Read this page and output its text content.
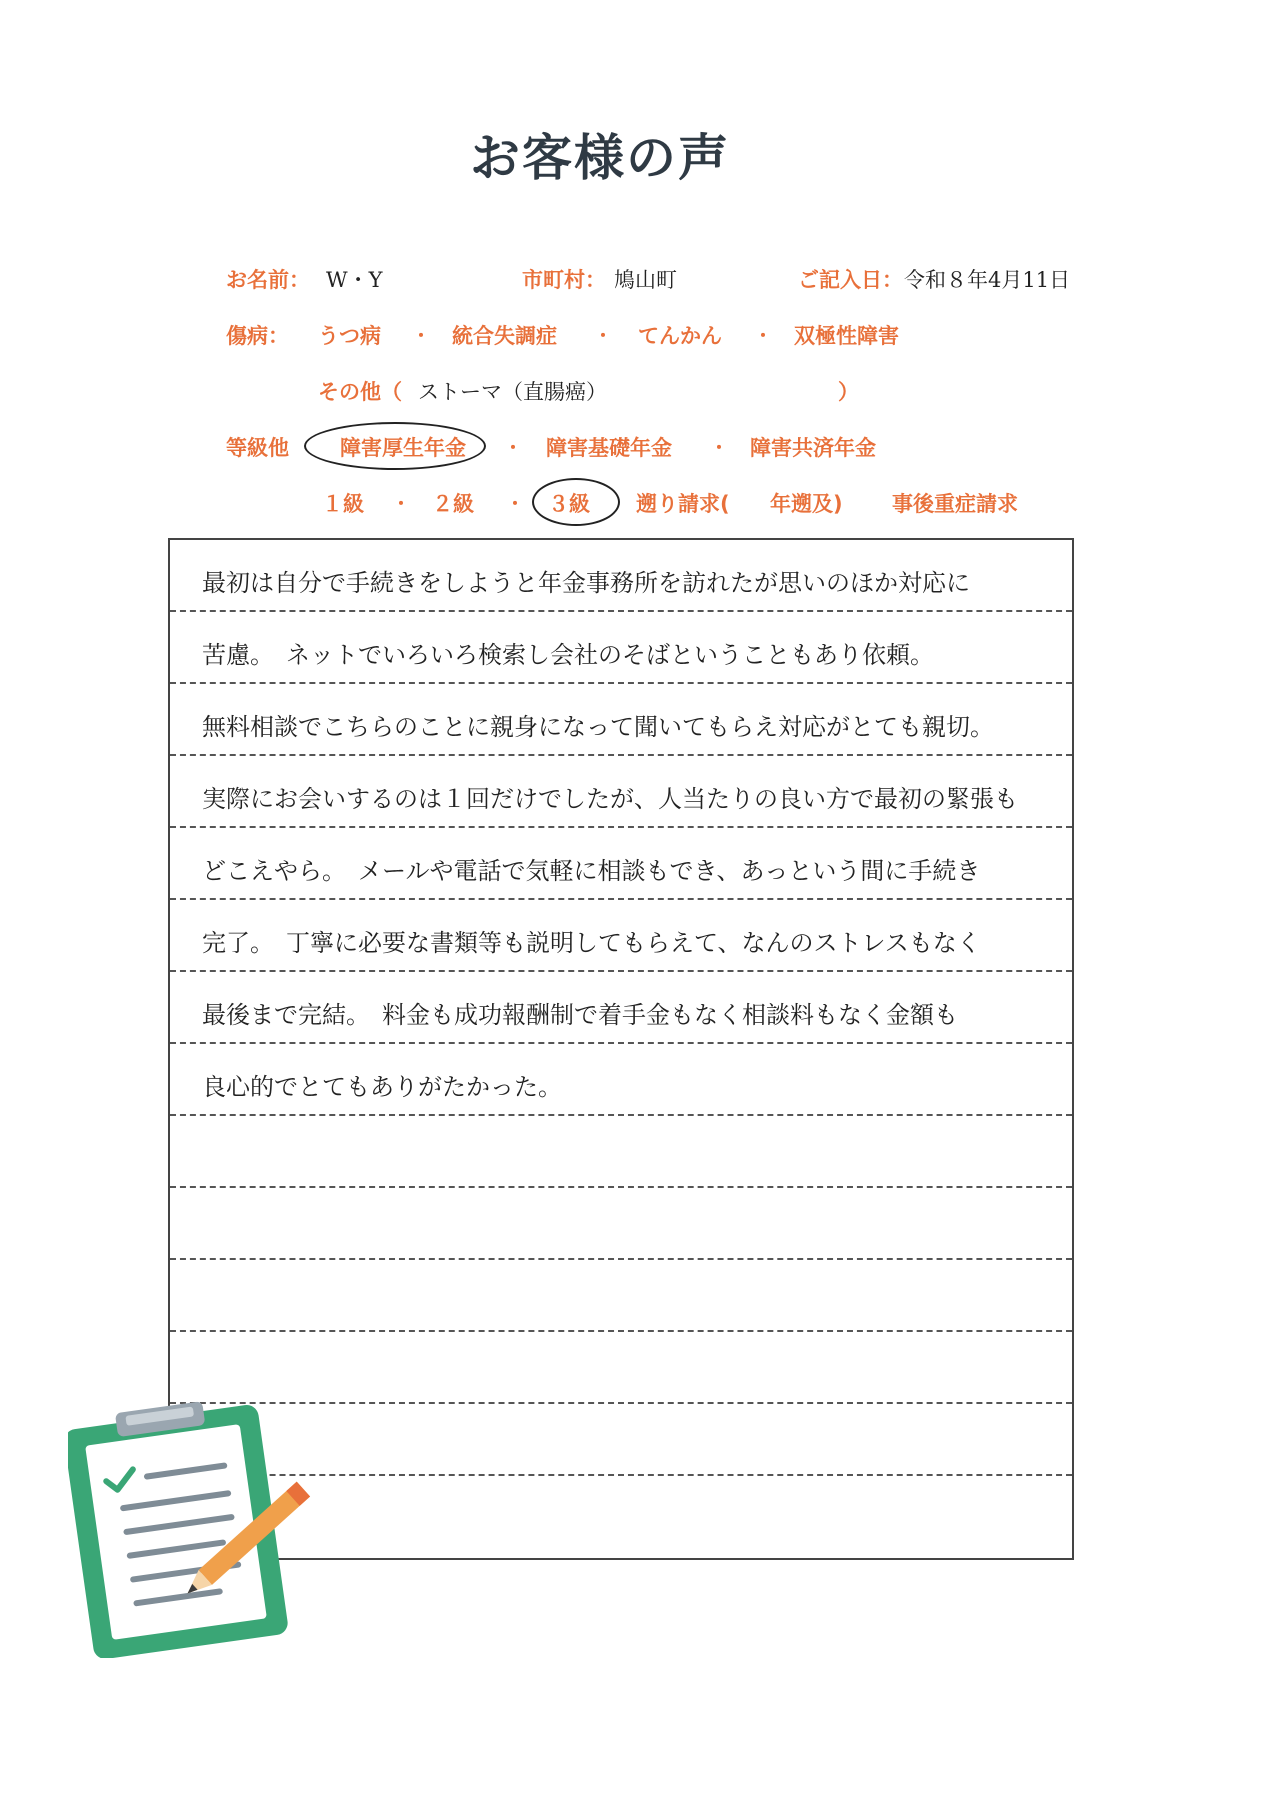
お客様の声
お名前： W・Y	市町村： 鳩山町	ご記入日： 令和８年4月11日
傷病： うつ病 ・ 統合失調症 ・ てんかん ・ 双極性障害
その他（ ストーマ（直腸癌）	）
等級他 障害厚生年金 ・ 障害基礎年金 ・ 障害共済年金
１級 ・ ２級 ・ ３級 遡り請求( 年遡及) 事後重症請求
最初は自分で手続きをしようと年金事務所を訪れたが思いのほか対応に
苦慮。　ネットでいろいろ検索し会社のそばということもあり依頼。
無料相談でこちらのことに親身になって聞いてもらえ対応がとても親切。
実際にお会いするのは１回だけでしたが、人当たりの良い方で最初の緊張も
どこえやら。　メールや電話で気軽に相談もでき、あっという間に手続き
完了。　丁寧に必要な書類等も説明してもらえて、なんのストレスもなく
最後まで完結。　料金も成功報酬制で着手金もなく相談料もなく金額も
良心的でとてもありがたかった。
